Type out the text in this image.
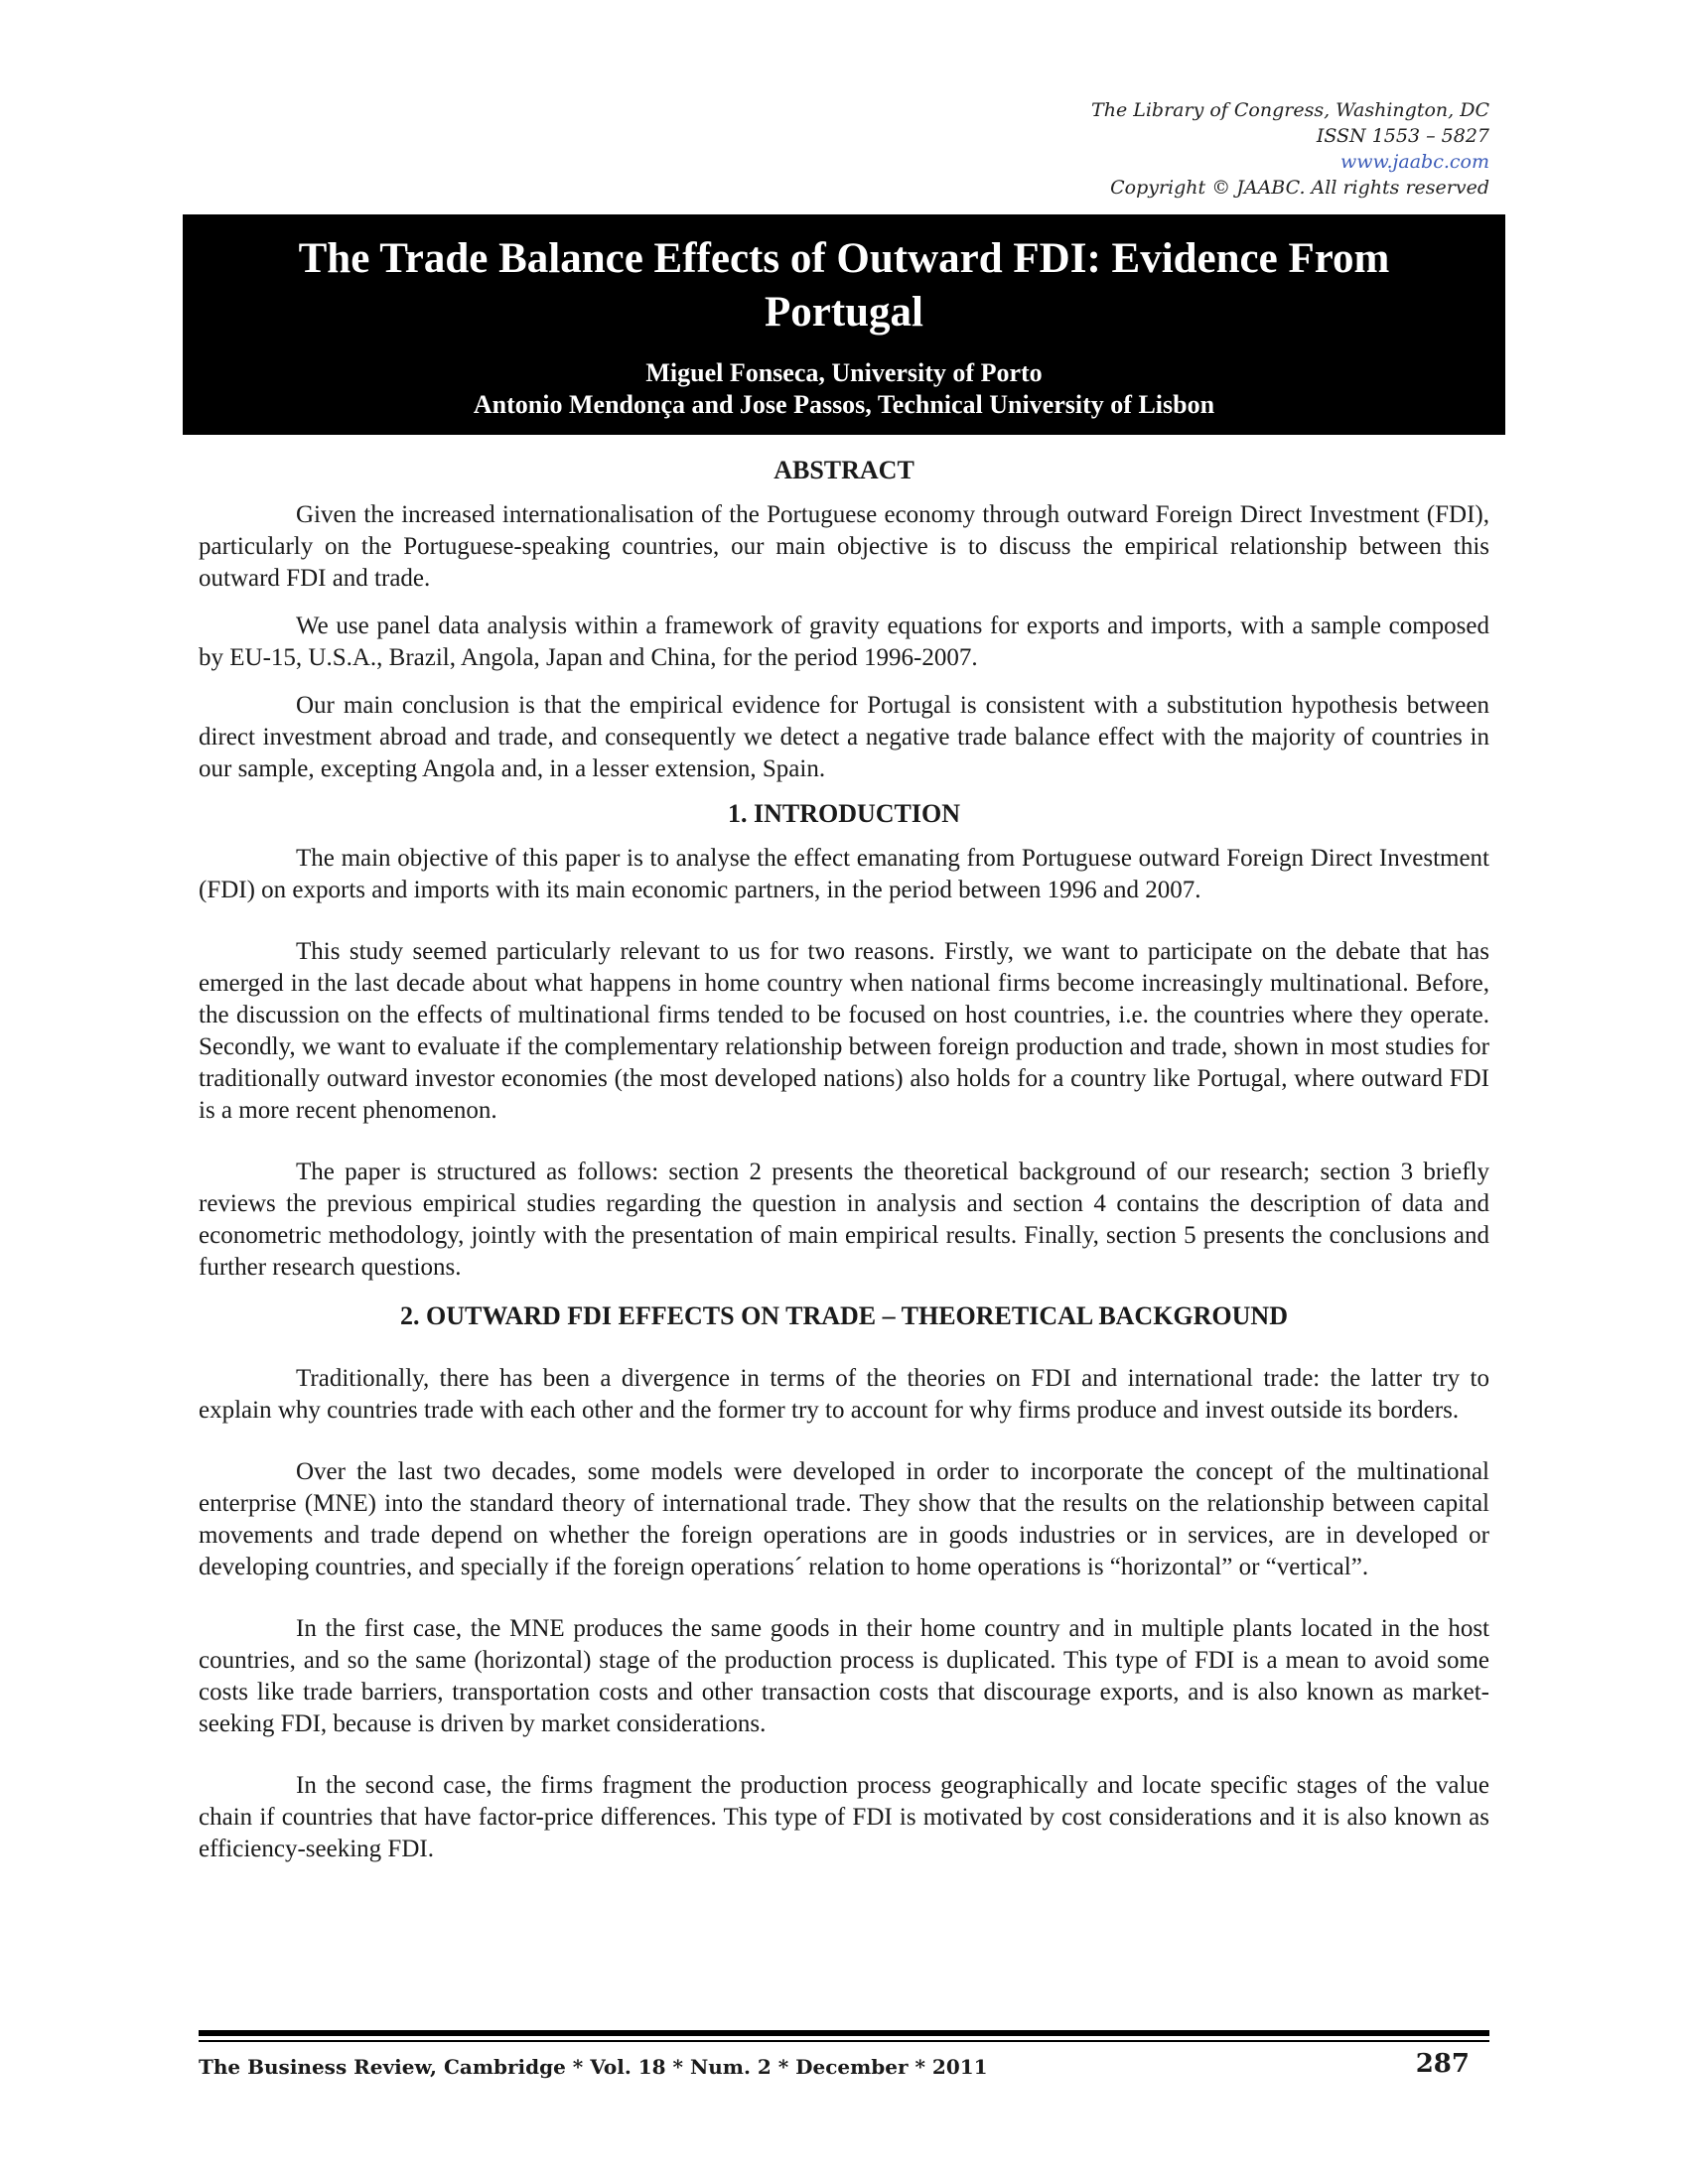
The Library of Congress, Washington, DC
ISSN 1553 – 5827
www.jaabc.com
Copyright © JAABC. All rights reserved
The Trade Balance Effects of Outward FDI: Evidence From Portugal
Miguel Fonseca, University of Porto
Antonio Mendonça and Jose Passos, Technical University of Lisbon
ABSTRACT

Given the increased internationalisation of the Portuguese economy through outward Foreign Direct Investment (FDI), particularly on the Portuguese-speaking countries, our main objective is to discuss the empirical relationship between this outward FDI and trade.

We use panel data analysis within a framework of gravity equations for exports and imports, with a sample composed by EU-15, U.S.A., Brazil, Angola, Japan and China, for the period 1996-2007.

Our main conclusion is that the empirical evidence for Portugal is consistent with a substitution hypothesis between direct investment abroad and trade, and consequently we detect a negative trade balance effect with the majority of countries in our sample, excepting Angola and, in a lesser extension, Spain.

1. INTRODUCTION

The main objective of this paper is to analyse the effect emanating from Portuguese outward Foreign Direct Investment (FDI) on exports and imports with its main economic partners, in the period between 1996 and 2007.

This study seemed particularly relevant to us for two reasons. Firstly, we want to participate on the debate that has emerged in the last decade about what happens in home country when national firms become increasingly multinational. Before, the discussion on the effects of multinational firms tended to be focused on host countries, i.e. the countries where they operate. Secondly, we want to evaluate if the complementary relationship between foreign production and trade, shown in most studies for traditionally outward investor economies (the most developed nations) also holds for a country like Portugal, where outward FDI is a more recent phenomenon.

The paper is structured as follows: section 2 presents the theoretical background of our research; section 3 briefly reviews the previous empirical studies regarding the question in analysis and section 4 contains the description of data and econometric methodology, jointly with the presentation of main empirical results. Finally, section 5 presents the conclusions and further research questions.

2. OUTWARD FDI EFFECTS ON TRADE – THEORETICAL BACKGROUND

Traditionally, there has been a divergence in terms of the theories on FDI and international trade: the latter try to explain why countries trade with each other and the former try to account for why firms produce and invest outside its borders.

Over the last two decades, some models were developed in order to incorporate the concept of the multinational enterprise (MNE) into the standard theory of international trade. They show that the results on the relationship between capital movements and trade depend on whether the foreign operations are in goods industries or in services, are in developed or developing countries, and specially if the foreign operations´ relation to home operations is “horizontal” or “vertical”.

In the first case, the MNE produces the same goods in their home country and in multiple plants located in the host countries, and so the same (horizontal) stage of the production process is duplicated. This type of FDI is a mean to avoid some costs like trade barriers, transportation costs and other transaction costs that discourage exports, and is also known as market-seeking FDI, because is driven by market considerations.

In the second case, the firms fragment the production process geographically and locate specific stages of the value chain if countries that have factor-price differences. This type of FDI is motivated by cost considerations and it is also known as efficiency-seeking FDI.

The Business Review, Cambridge * Vol. 18 * Num. 2 * December * 2011	287
